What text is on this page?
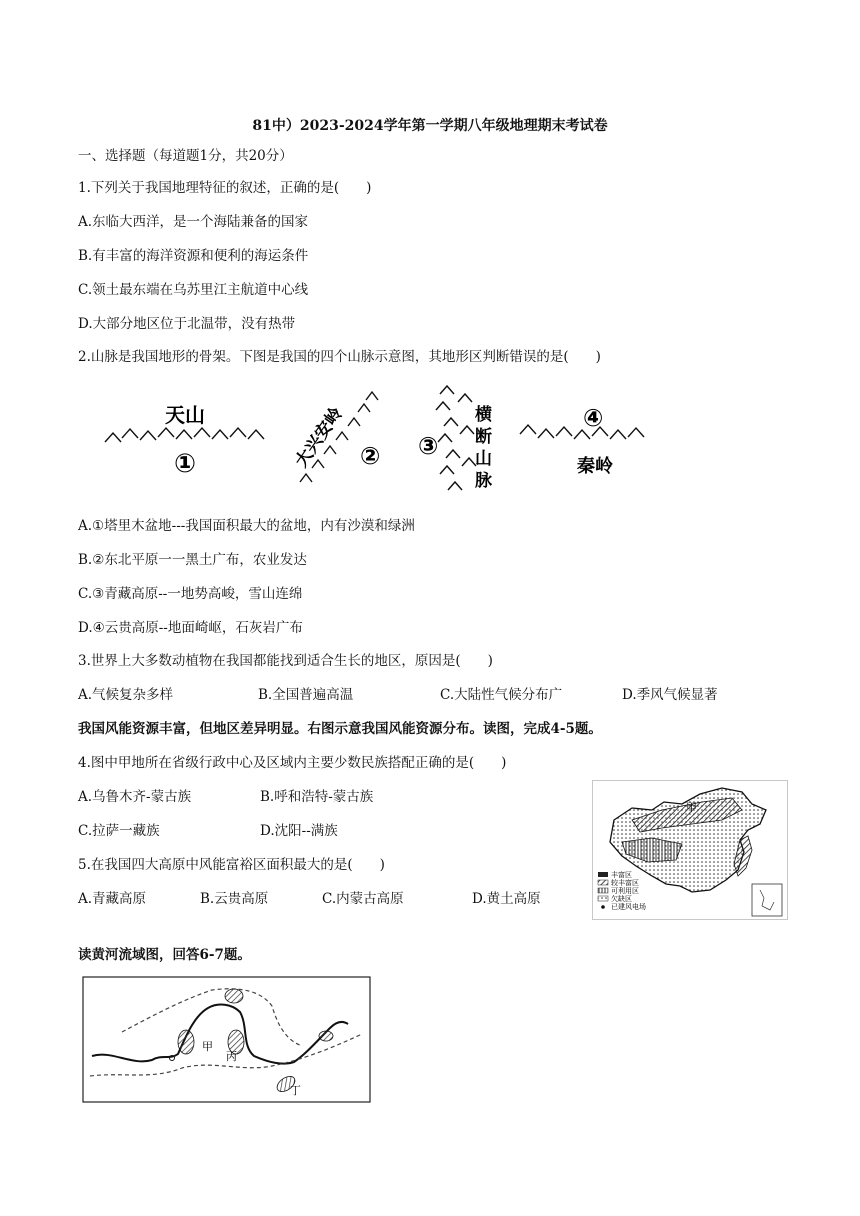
81中）2023-2024学年第一学期八年级地理期末考试卷
一、选择题（每道题1分，共20分）
1.下列关于我国地理特征的叙述，正确的是(　　)
A.东临大西洋，是一个海陆兼备的国家
B.有丰富的海洋资源和便利的海运条件
C.领土最东端在乌苏里江主航道中心线
D.大部分地区位于北温带，没有热带
2.山脉是我国地形的骨架。下图是我国的四个山脉示意图，其地形区判断错误的是(　　)
天山
①	大兴安岭 ② ③
横断山脉
④
秦岭
A.①塔里木盆地---我国面积最大的盆地，内有沙漠和绿洲
B.②东北平原一一黑土广布，农业发达
C.③青藏高原--一地势高峻，雪山连绵
D.④云贵高原--地面崎岖，石灰岩广布
3.世界上大多数动植物在我国都能找到适合生长的地区，原因是(　　)
A.气候复杂多样	B.全国普遍高温	C.大陆性气候分布广	D.季风气候显著
我国风能资源丰富，但地区差异明显。右图示意我国风能资源分布。读图，完成4-5题。
4.图中甲地所在省级行政中心及区域内主要少数民族搭配正确的是(　　)
A.乌鲁木齐-蒙古族	B.呼和浩特-蒙古族
C.拉萨一藏族	D.沈阳--满族
5.在我国四大高原中风能富裕区面积最大的是(　　)
A.青藏高原	B.云贵高原	C.内蒙古高原	D.黄土高原
甲
丰富区
较丰富区
可利用区
欠缺区
已建风电场
读黄河流域图，回答6-7题。
甲
丙
丁
